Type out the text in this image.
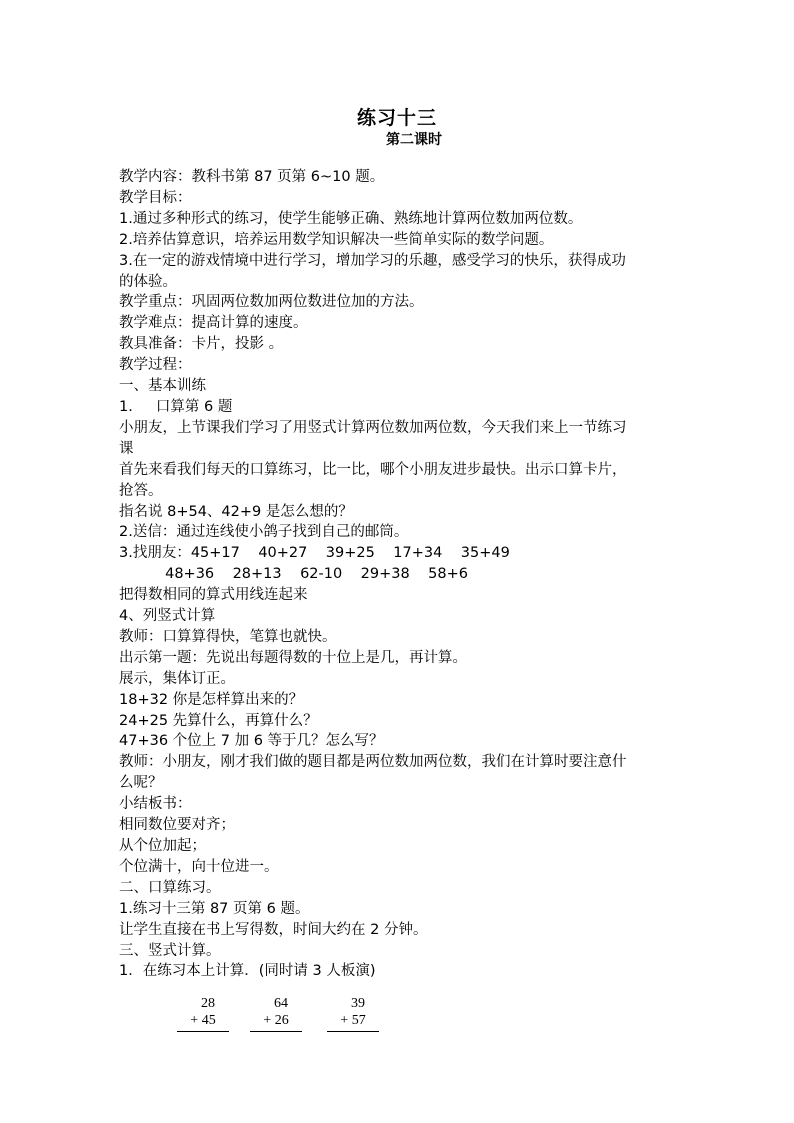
练习十三
第二课时
教学内容：教科书第 87 页第 6~10 题。
教学目标：
1.通过多种形式的练习，使学生能够正确、熟练地计算两位数加两位数。
2.培养估算意识，培养运用数学知识解决一些简单实际的数学问题。
3.在一定的游戏情境中进行学习，增加学习的乐趣，感受学习的快乐，获得成功
的体验。
教学重点：巩固两位数加两位数进位加的方法。
教学难点：提高计算的速度。
教具准备：卡片，投影 。
教学过程：
一、基本训练
1.     口算第 6 题
小朋友，上节课我们学习了用竖式计算两位数加两位数，今天我们来上一节练习
课
首先来看我们每天的口算练习，比一比，哪个小朋友进步最快。出示口算卡片，
抢答。
指名说 8+54、42+9 是怎么想的？
2.送信：通过连线使小鸽子找到自己的邮筒。
3.找朋友：45+17    40+27    39+25    17+34    35+49
48+36    28+13    62-10    29+38    58+6
把得数相同的算式用线连起来
4、列竖式计算
教师：口算算得快，笔算也就快。
出示第一题：先说出每题得数的十位上是几，再计算。
展示，集体订正。
18+32 你是怎样算出来的？
24+25 先算什么，再算什么？
47+36 个位上 7 加 6 等于几？怎么写？
教师：小朋友，刚才我们做的题目都是两位数加两位数，我们在计算时要注意什
么呢？
小结板书：
相同数位要对齐；
从个位加起；
个位满十，向十位进一。
二、口算练习。
1.练习十三第 87 页第 6 题。
让学生直接在书上写得数，时间大约在 2 分钟。
三、竖式计算。
1．在练习本上计算．(同时请 3 人板演)
28
+ 45
64
+ 26
39
+ 57
